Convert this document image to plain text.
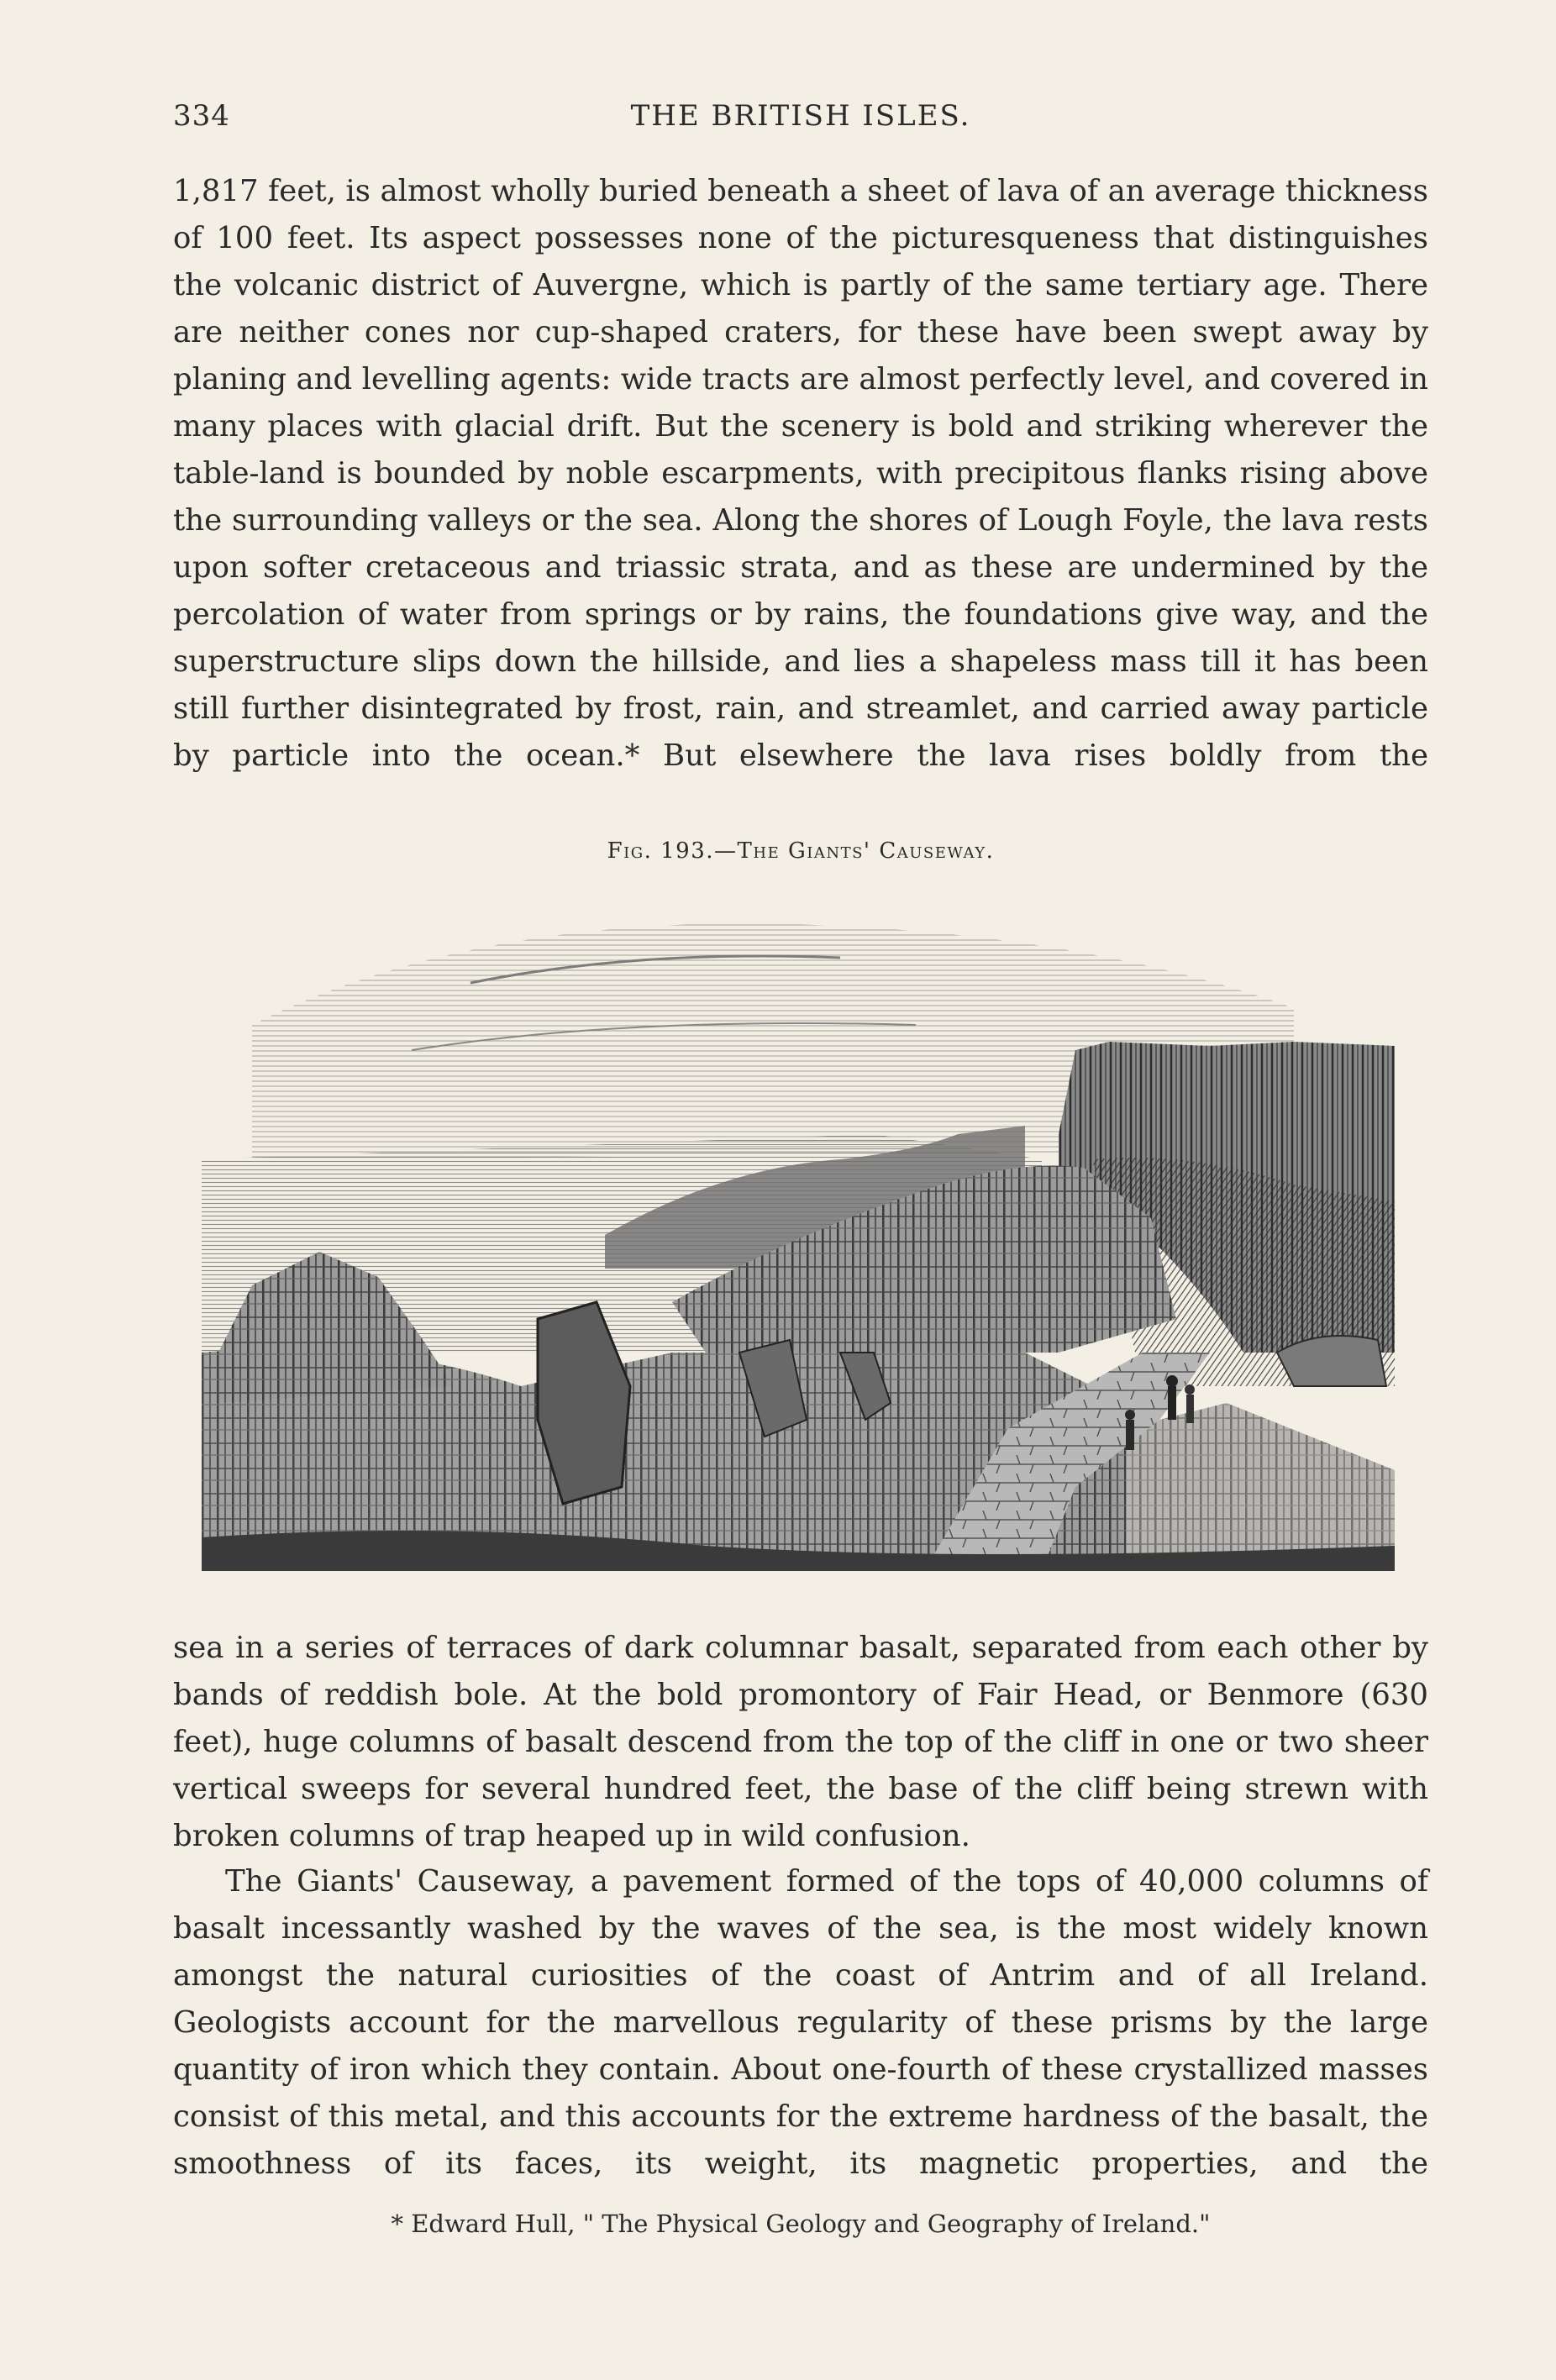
334	THE BRITISH ISLES.

1,817 feet, is almost wholly buried beneath a sheet of lava of an average thickness of 100 feet. Its aspect possesses none of the picturesqueness that distinguishes the volcanic district of Auvergne, which is partly of the same tertiary age. There are neither cones nor cup-shaped craters, for these have been swept away by planing and levelling agents: wide tracts are almost perfectly level, and covered in many places with glacial drift. But the scenery is bold and striking wherever the table-land is bounded by noble escarpments, with precipitous flanks rising above the surrounding valleys or the sea. Along the shores of Lough Foyle, the lava rests upon softer cretaceous and triassic strata, and as these are undermined by the percolation of water from springs or by rains, the foundations give way, and the superstructure slips down the hillside, and lies a shapeless mass till it has been still further disintegrated by frost, rain, and streamlet, and carried away particle by particle into the ocean.* But elsewhere the lava rises boldly from the

Fig. 193.—The Giants' Causeway.

sea in a series of terraces of dark columnar basalt, separated from each other by bands of reddish bole. At the bold promontory of Fair Head, or Benmore (630 feet), huge columns of basalt descend from the top of the cliff in one or two sheer vertical sweeps for several hundred feet, the base of the cliff being strewn with broken columns of trap heaped up in wild confusion.

The Giants' Causeway, a pavement formed of the tops of 40,000 columns of basalt incessantly washed by the waves of the sea, is the most widely known amongst the natural curiosities of the coast of Antrim and of all Ireland. Geologists account for the marvellous regularity of these prisms by the large quantity of iron which they contain. About one-fourth of these crystallized masses consist of this metal, and this accounts for the extreme hardness of the basalt, the smoothness of its faces, its weight, its magnetic properties, and the

* Edward Hull, " The Physical Geology and Geography of Ireland."
